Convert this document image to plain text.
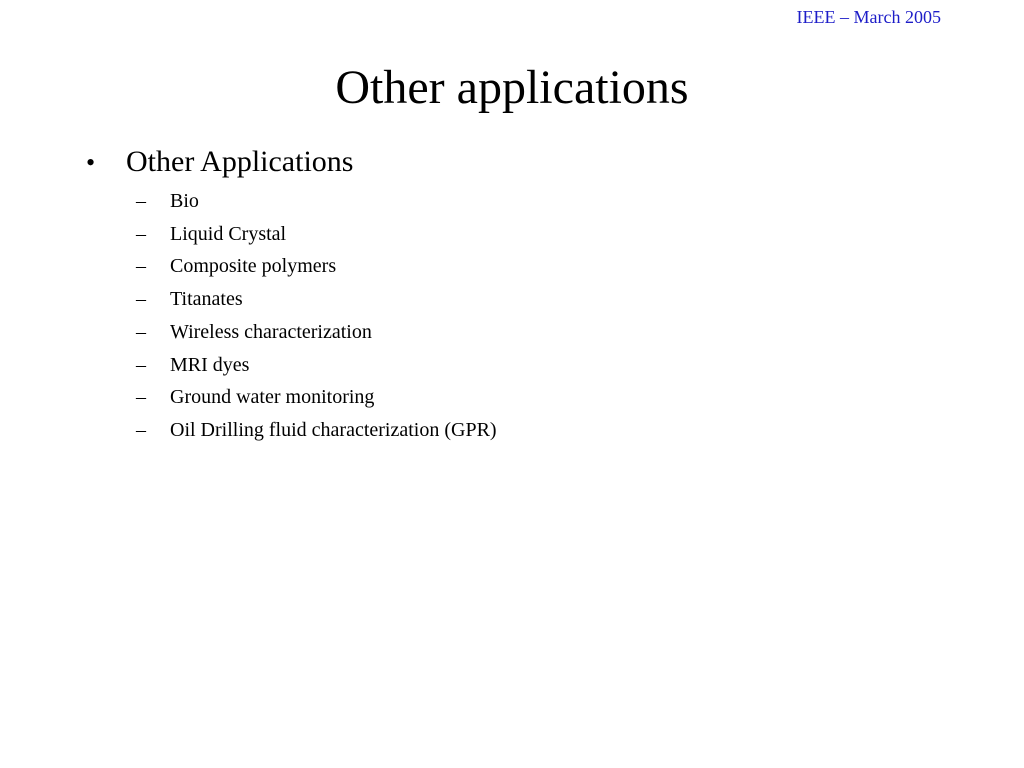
IEEE – March 2005
Other applications
•	Other Applications
–	Bio
–	Liquid Crystal
–	Composite polymers
–	Titanates
–	Wireless characterization
–	MRI dyes
–	Ground water monitoring
–	Oil Drilling fluid characterization (GPR)
